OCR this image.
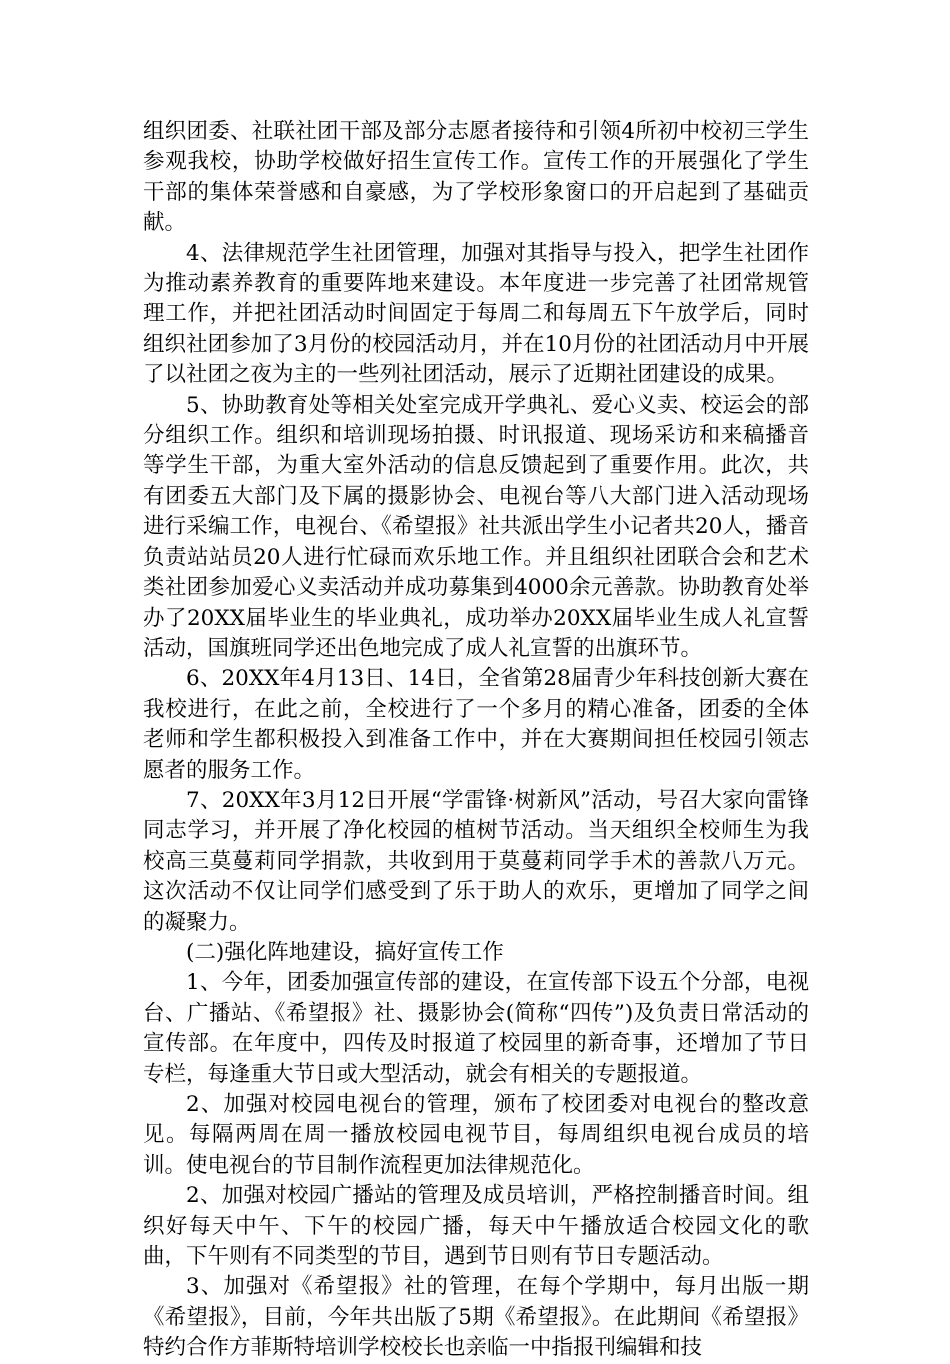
组织团委、社联社团干部及部分志愿者接待和引领4所初中校初三学生参观我校，协助学校做好招生宣传工作。宣传工作的开展强化了学生干部的集体荣誉感和自豪感，为了学校形象窗口的开启起到了基础贡献。

4、法律规范学生社团管理，加强对其指导与投入，把学生社团作为推动素养教育的重要阵地来建设。本年度进一步完善了社团常规管理工作，并把社团活动时间固定于每周二和每周五下午放学后，同时组织社团参加了3月份的校园活动月，并在10月份的社团活动月中开展了以社团之夜为主的一些列社团活动，展示了近期社团建设的成果。

5、协助教育处等相关处室完成开学典礼、爱心义卖、校运会的部分组织工作。组织和培训现场拍摄、时讯报道、现场采访和来稿播音等学生干部，为重大室外活动的信息反馈起到了重要作用。此次，共有团委五大部门及下属的摄影协会、电视台等八大部门进入活动现场进行采编工作，电视台、《希望报》社共派出学生小记者共20人，播音负责站站员20人进行忙碌而欢乐地工作。并且组织社团联合会和艺术类社团参加爱心义卖活动并成功募集到4000余元善款。协助教育处举办了20XX届毕业生的毕业典礼，成功举办20XX届毕业生成人礼宣誓活动，国旗班同学还出色地完成了成人礼宣誓的出旗环节。

6、20XX年4月13日、14日，全省第28届青少年科技创新大赛在我校进行，在此之前，全校进行了一个多月的精心准备，团委的全体老师和学生都积极投入到准备工作中，并在大赛期间担任校园引领志愿者的服务工作。

7、20XX年3月12日开展“学雷锋·树新风”活动，号召大家向雷锋同志学习，并开展了净化校园的植树节活动。当天组织全校师生为我校高三莫蔓莉同学捐款，共收到用于莫蔓莉同学手术的善款八万元。这次活动不仅让同学们感受到了乐于助人的欢乐，更增加了同学之间的凝聚力。

(二)强化阵地建设，搞好宣传工作

1、今年，团委加强宣传部的建设，在宣传部下设五个分部，电视台、广播站、《希望报》社、摄影协会(简称“四传”)及负责日常活动的宣传部。在年度中，四传及时报道了校园里的新奇事，还增加了节日专栏，每逢重大节日或大型活动，就会有相关的专题报道。

2、加强对校园电视台的管理，颁布了校团委对电视台的整改意见。每隔两周在周一播放校园电视节目，每周组织电视台成员的培训。使电视台的节目制作流程更加法律规范化。

2、加强对校园广播站的管理及成员培训，严格控制播音时间。组织好每天中午、下午的校园广播，每天中午播放适合校园文化的歌曲，下午则有不同类型的节目，遇到节日则有节日专题活动。

3、加强对《希望报》社的管理，在每个学期中，每月出版一期《希望报》，目前，今年共出版了5期《希望报》。在此期间《希望报》特约合作方菲斯特培训学校校长也亲临一中指报刊编辑和技
